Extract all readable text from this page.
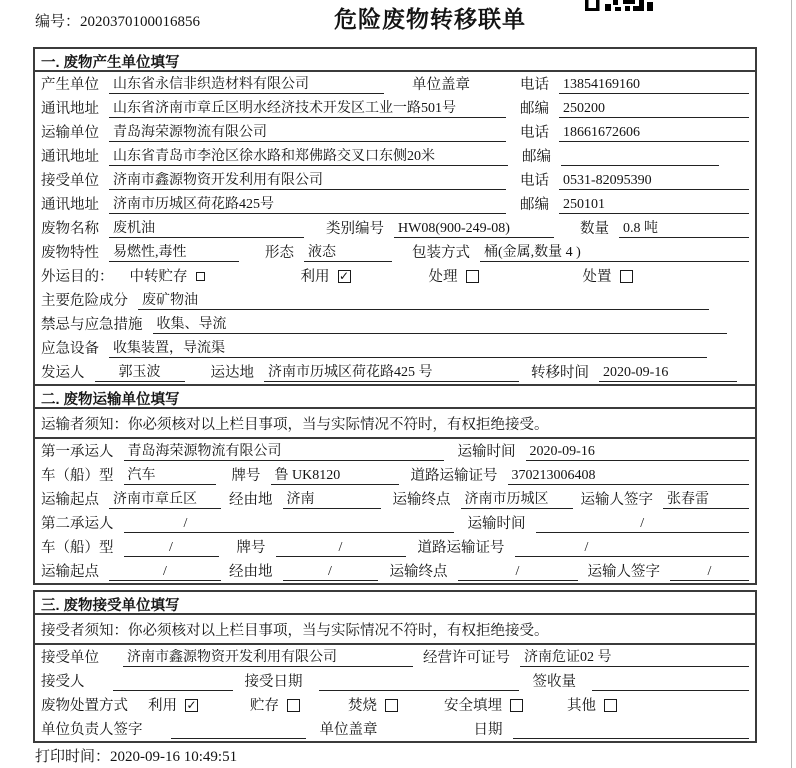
编号：2020370100016856	危险废物转移联单
一. 废物产生单位填写
产生单位 山东省永信非织造材料有限公司	单位盖章	电话 13854169160
通讯地址 山东省济南市章丘区明水经济技术开发区工业一路501号	邮编 250200
运输单位 青岛海荣源物流有限公司	电话 18661672606
通讯地址 山东省青岛市李沧区徐水路和郑佛路交叉口东侧20米	邮编
接受单位 济南市鑫源物资开发利用有限公司	电话 0531-82095390
通讯地址 济南市历城区荷花路425号	邮编 250101
废物名称 废机油	类别编号 HW08(900-249-08)	数量 0.8 吨
废物特性 易燃性,毒性	形态 液态	包装方式 桶(金属,数量 4 )
外运目的： 中转贮存	利用 ✓	处理	处置
主要危险成分 废矿物油
禁忌与应急措施 收集、导流
应急设备 收集装置，导流渠
发运人	郭玉波	运达地 济南市历城区荷花路425 号	转移时间 2020-09-16
二. 废物运输单位填写
运输者须知：你必须核对以上栏目事项，当与实际情况不符时，有权拒绝接受。
第一承运人 青岛海荣源物流有限公司	运输时间 2020-09-16
车（船）型 汽车	牌号 鲁 UK8120	道路运输证号 370213006408
运输起点 济南市章丘区	经由地 济南	运输终点 济南市历城区	运输人签字 张春雷
第二承运人	/	运输时间	/
车（船）型	/	牌号	/	道路运输证号	/
运输起点	/	经由地	/	运输终点	/	运输人签字	/
三. 废物接受单位填写
接受者须知：你必须核对以上栏目事项，当与实际情况不符时，有权拒绝接受。
接受单位 济南市鑫源物资开发利用有限公司	经营许可证号 济南危证02 号
接受人	接受日期	签收量
废物处置方式 利用 ✓	贮存	焚烧	安全填埋	其他
单位负责人签字	单位盖章	日期
打印时间：2020-09-16 10:49:51
